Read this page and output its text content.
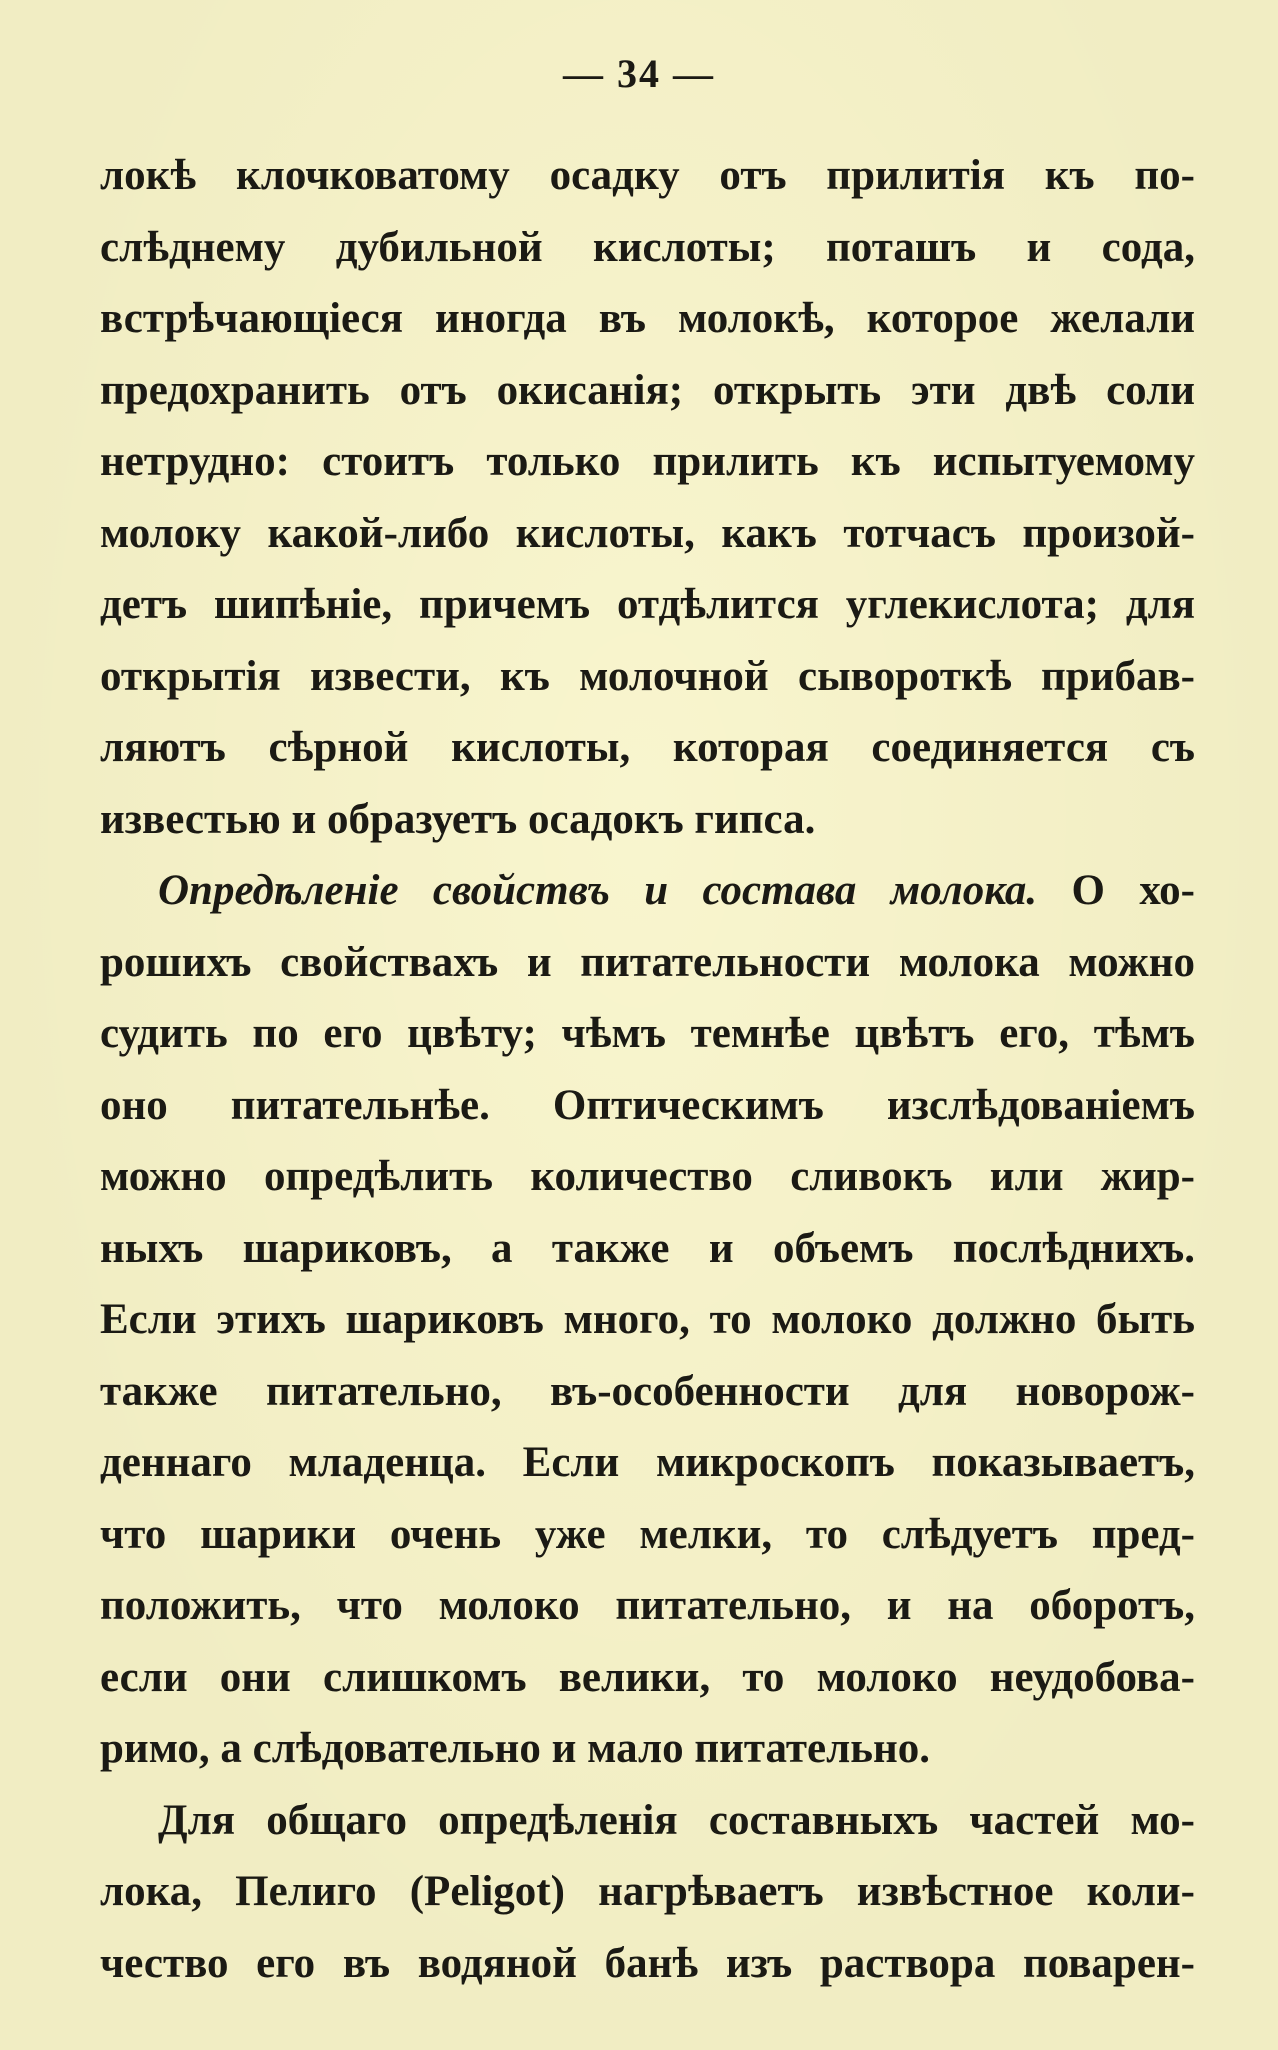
— 34 —
локѣ клочковатому осадку отъ прилитія къ по-
слѣднему дубильной кислоты; поташъ и сода,
встрѣчающіеся иногда въ молокѣ, которое желали
предохранить отъ окисанія; открыть эти двѣ соли
нетрудно: стоитъ только прилить къ испытуемому
молоку какой-либо кислоты, какъ тотчасъ произой-
детъ шипѣніе, причемъ отдѣлится углекислота; для
открытія извести, къ молочной сывороткѣ прибав-
ляютъ сѣрной кислоты, которая соединяется съ
известью и образуетъ осадокъ гипса.
Опредѣленіе свойствъ и состава молока. О хо-
рошихъ свойствахъ и питательности молока можно
судить по его цвѣту; чѣмъ темнѣе цвѣтъ его, тѣмъ
оно питательнѣе. Оптическимъ изслѣдованіемъ
можно опредѣлить количество сливокъ или жир-
ныхъ шариковъ, а также и объемъ послѣднихъ.
Если этихъ шариковъ много, то молоко должно быть
также питательно, въ-особенности для новорож-
деннаго младенца. Если микроскопъ показываетъ,
что шарики очень уже мелки, то слѣдуетъ пред-
положить, что молоко питательно, и на оборотъ,
если они слишкомъ велики, то молоко неудобова-
римо, а слѣдовательно и мало питательно.
Для общаго опредѣленія составныхъ частей мо-
лока, Пелиго (Peligot) нагрѣваетъ извѣстное коли-
чество его въ водяной банѣ изъ раствора поварен-
